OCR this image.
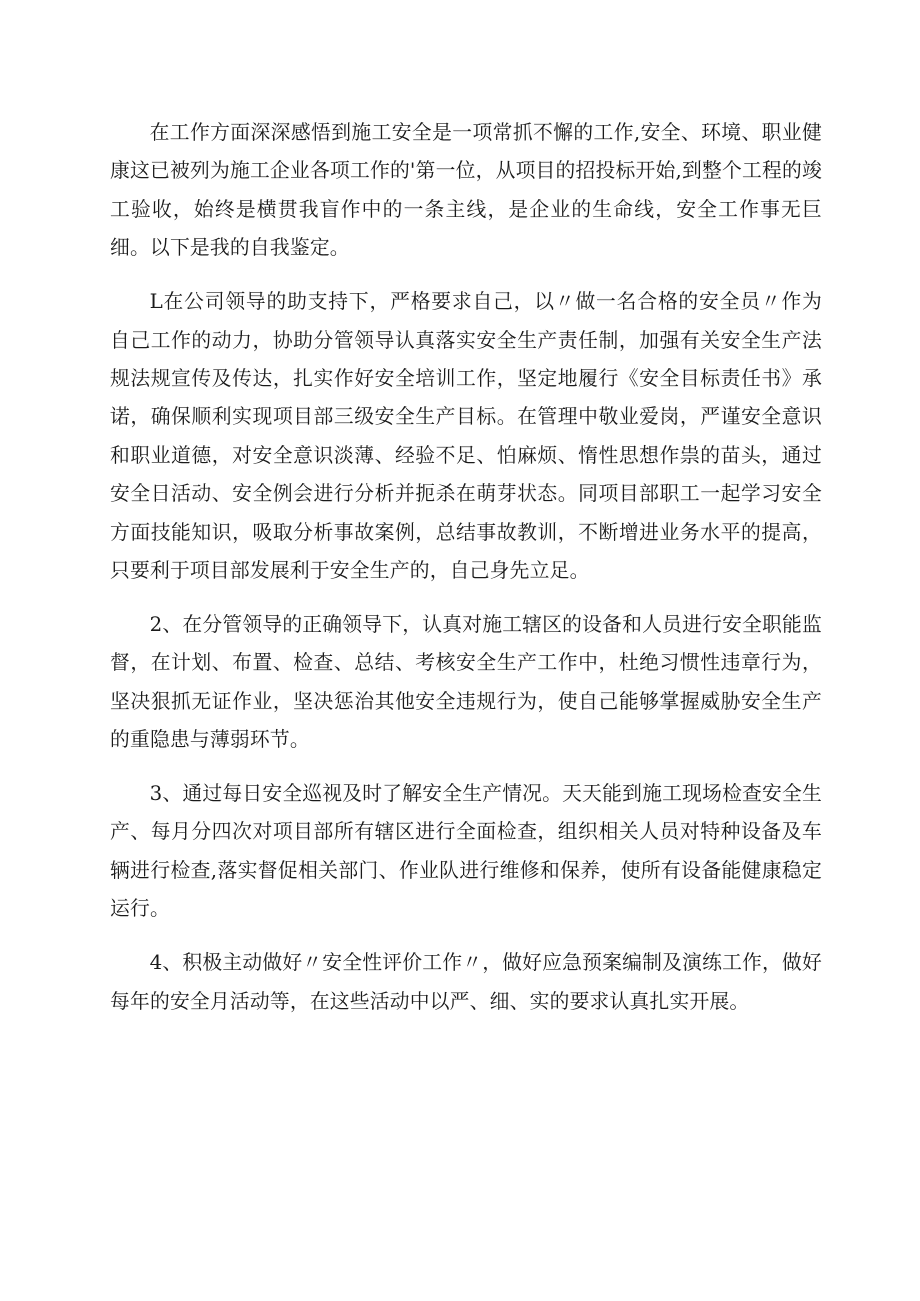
在工作方面深深感悟到施工安全是一项常抓不懈的工作,安全、环境、职业健康这已被列为施工企业各项工作的'第一位，从项目的招投标开始,到整个工程的竣工验收，始终是横贯我盲作中的一条主线，是企业的生命线，安全工作事无巨细。以下是我的自我鉴定。

L在公司领导的助支持下，严格要求自己，以〃做一名合格的安全员〃作为自己工作的动力，协助分管领导认真落实安全生产责任制，加强有关安全生产法规法规宣传及传达，扎实作好安全培训工作，坚定地履行《安全目标责任书》承诺，确保顺利实现项目部三级安全生产目标。在管理中敬业爱岗，严谨安全意识和职业道德，对安全意识淡薄、经验不足、怕麻烦、惰性思想作祟的苗头，通过安全日活动、安全例会进行分析并扼杀在萌芽状态。同项目部职工一起学习安全方面技能知识，吸取分析事故案例，总结事故教训，不断增进业务水平的提高，只要利于项目部发展利于安全生产的，自己身先立足。

2、在分管领导的正确领导下，认真对施工辖区的设备和人员进行安全职能监督，在计划、布置、检查、总结、考核安全生产工作中，杜绝习惯性违章行为，坚决狠抓无证作业，坚决惩治其他安全违规行为，使自己能够掌握威胁安全生产的重隐患与薄弱环节。

3、通过每日安全巡视及时了解安全生产情况。天天能到施工现场检查安全生产、每月分四次对项目部所有辖区进行全面检查，组织相关人员对特种设备及车辆进行检查,落实督促相关部门、作业队进行维修和保养，使所有设备能健康稳定运行。

4、积极主动做好〃安全性评价工作〃，做好应急预案编制及演练工作，做好每年的安全月活动等，在这些活动中以严、细、实的要求认真扎实开展。
